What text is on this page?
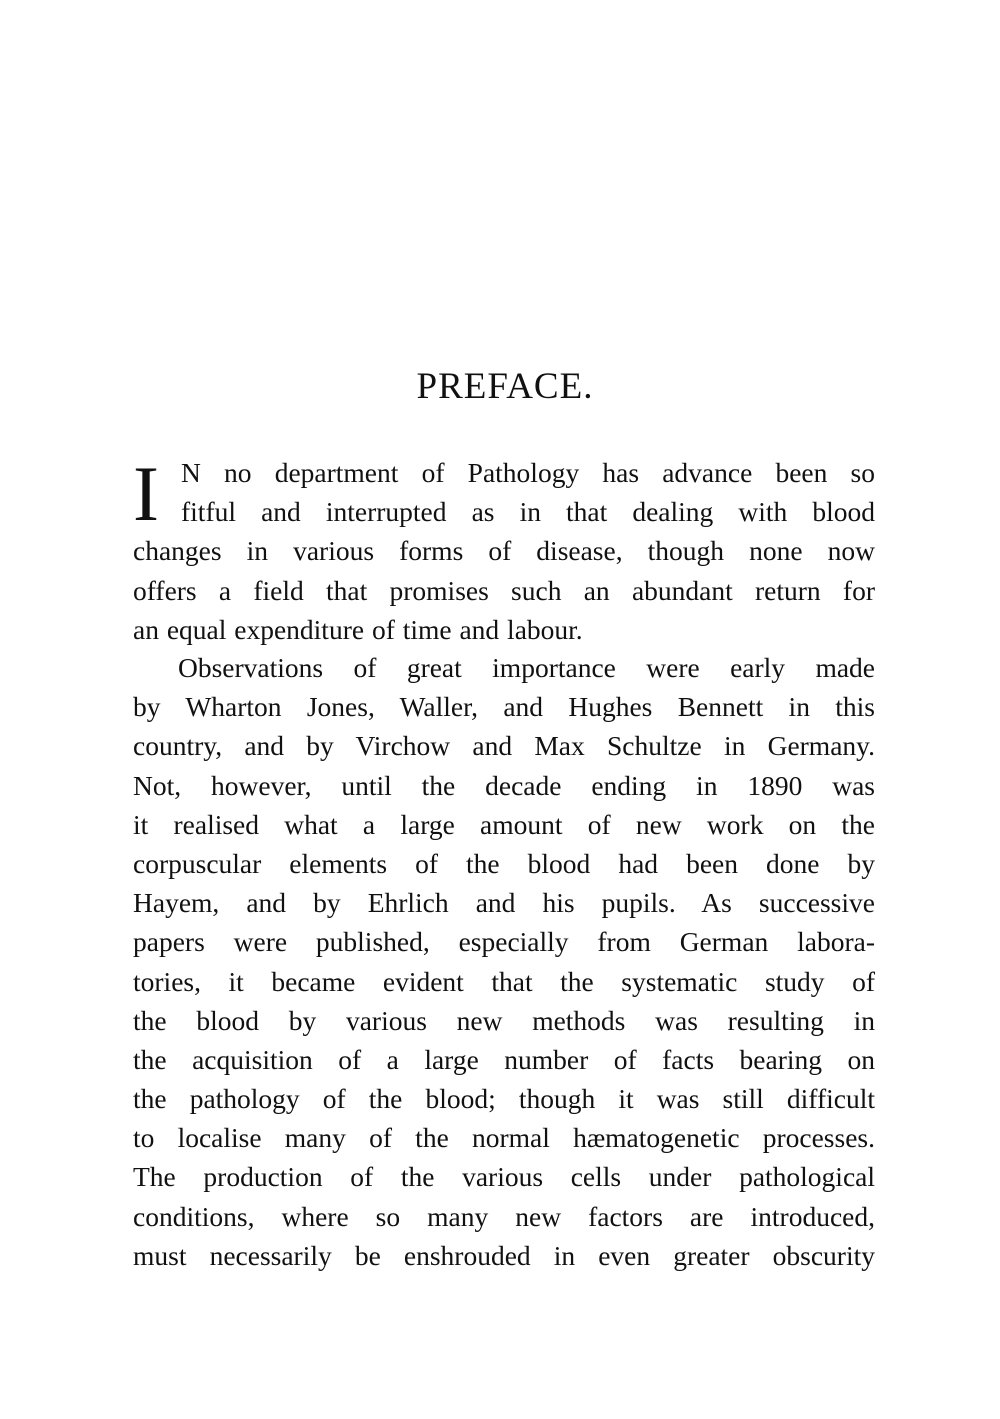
PREFACE.
I N no department of Pathology has advance been so
fitful and interrupted as in that dealing with blood
changes in various forms of disease, though none now
offers a field that promises such an abundant return for
an equal expenditure of time and labour.
Observations of great importance were early made
by Wharton Jones, Waller, and Hughes Bennett in this
country, and by Virchow and Max Schultze in Germany.
Not, however, until the decade ending in 1890 was
it realised what a large amount of new work on the
corpuscular elements of the blood had been done by
Hayem, and by Ehrlich and his pupils. As successive
papers were published, especially from German labora-
tories, it became evident that the systematic study of
the blood by various new methods was resulting in
the acquisition of a large number of facts bearing on
the pathology of the blood; though it was still difficult
to localise many of the normal hæmatogenetic processes.
The production of the various cells under pathological
conditions, where so many new factors are introduced,
must necessarily be enshrouded in even greater obscurity
